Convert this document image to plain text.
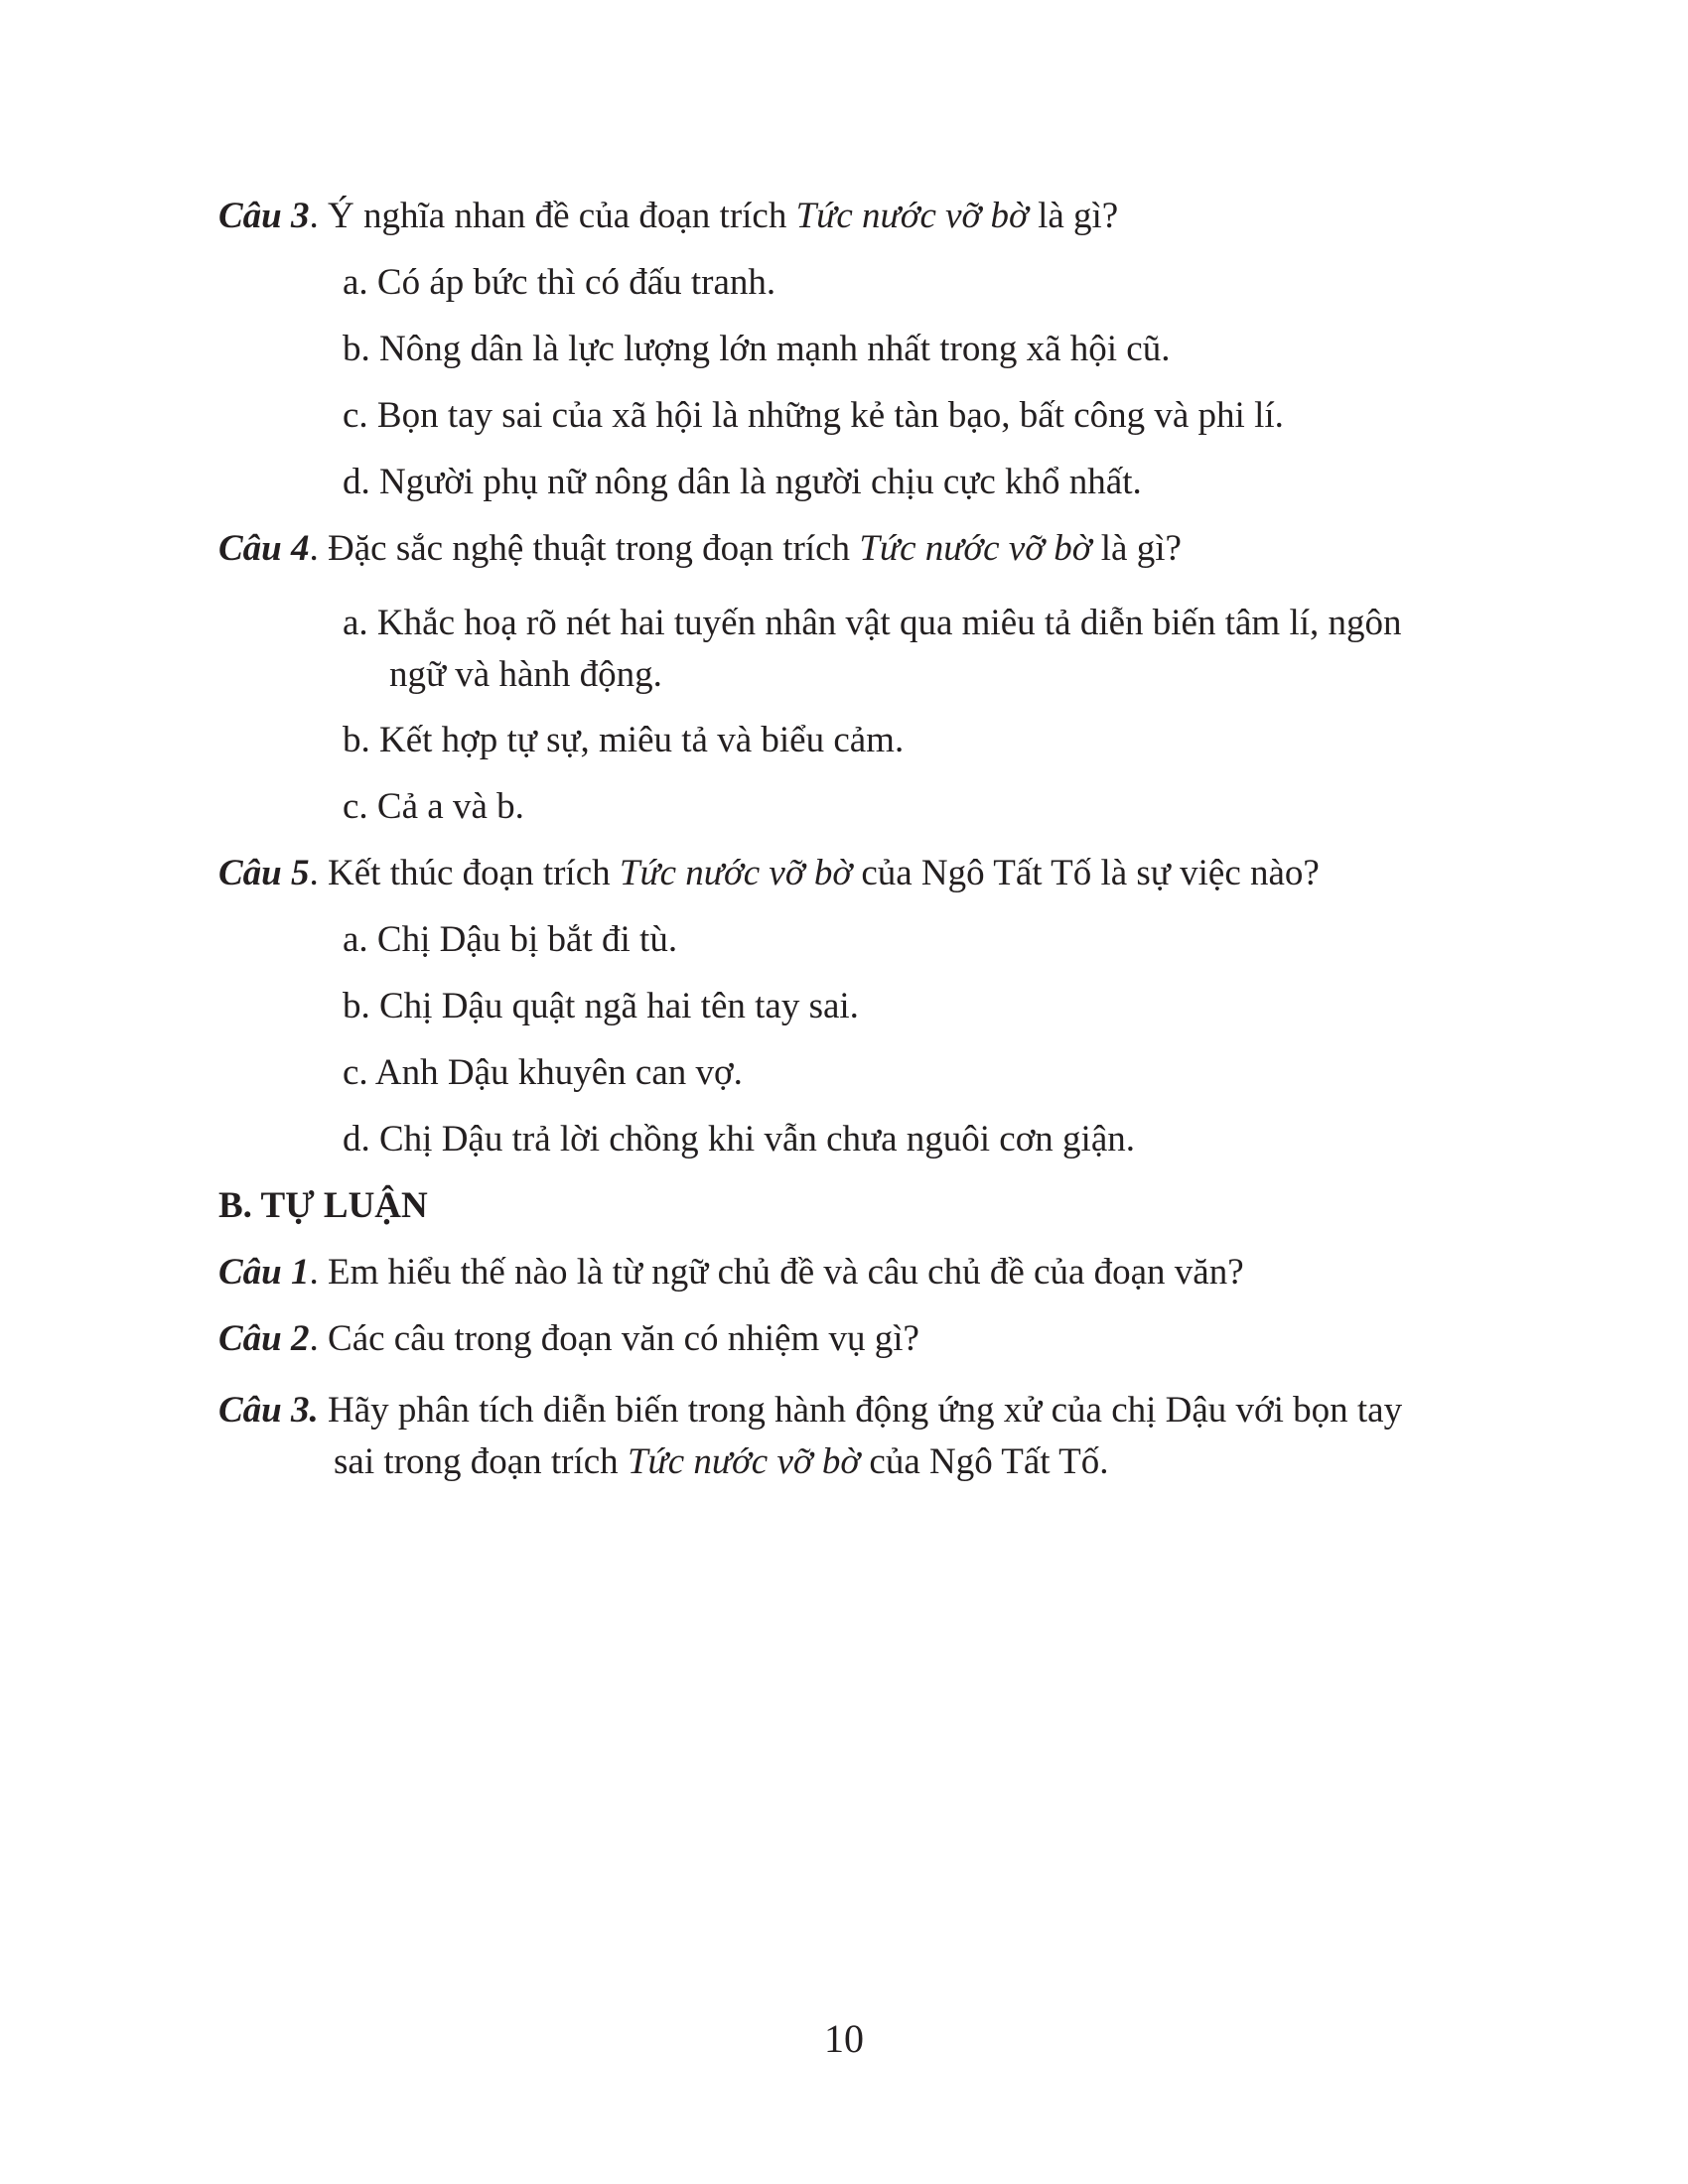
Câu 3. Ý nghĩa nhan đề của đoạn trích Tức nước vỡ bờ là gì?
a. Có áp bức thì có đấu tranh.
b. Nông dân là lực lượng lớn mạnh nhất trong xã hội cũ.
c. Bọn tay sai của xã hội là những kẻ tàn bạo, bất công và phi lí.
d. Người phụ nữ nông dân là người chịu cực khổ nhất.
Câu 4. Đặc sắc nghệ thuật trong đoạn trích Tức nước vỡ bờ là gì?
a. Khắc hoạ rõ nét hai tuyến nhân vật qua miêu tả diễn biến tâm lí, ngôn
ngữ và hành động.
b. Kết hợp tự sự, miêu tả và biểu cảm.
c. Cả a và b.
Câu 5. Kết thúc đoạn trích Tức nước vỡ bờ của Ngô Tất Tố là sự việc nào?
a. Chị Dậu bị bắt đi tù.
b. Chị Dậu quật ngã hai tên tay sai.
c. Anh Dậu khuyên can vợ.
d. Chị Dậu trả lời chồng khi vẫn chưa nguôi cơn giận.
B. TỰ LUẬN
Câu 1. Em hiểu thế nào là từ ngữ chủ đề và câu chủ đề của đoạn văn?
Câu 2. Các câu trong đoạn văn có nhiệm vụ gì?
Câu 3. Hãy phân tích diễn biến trong hành động ứng xử của chị Dậu với bọn tay
sai trong đoạn trích Tức nước vỡ bờ của Ngô Tất Tố.
10
